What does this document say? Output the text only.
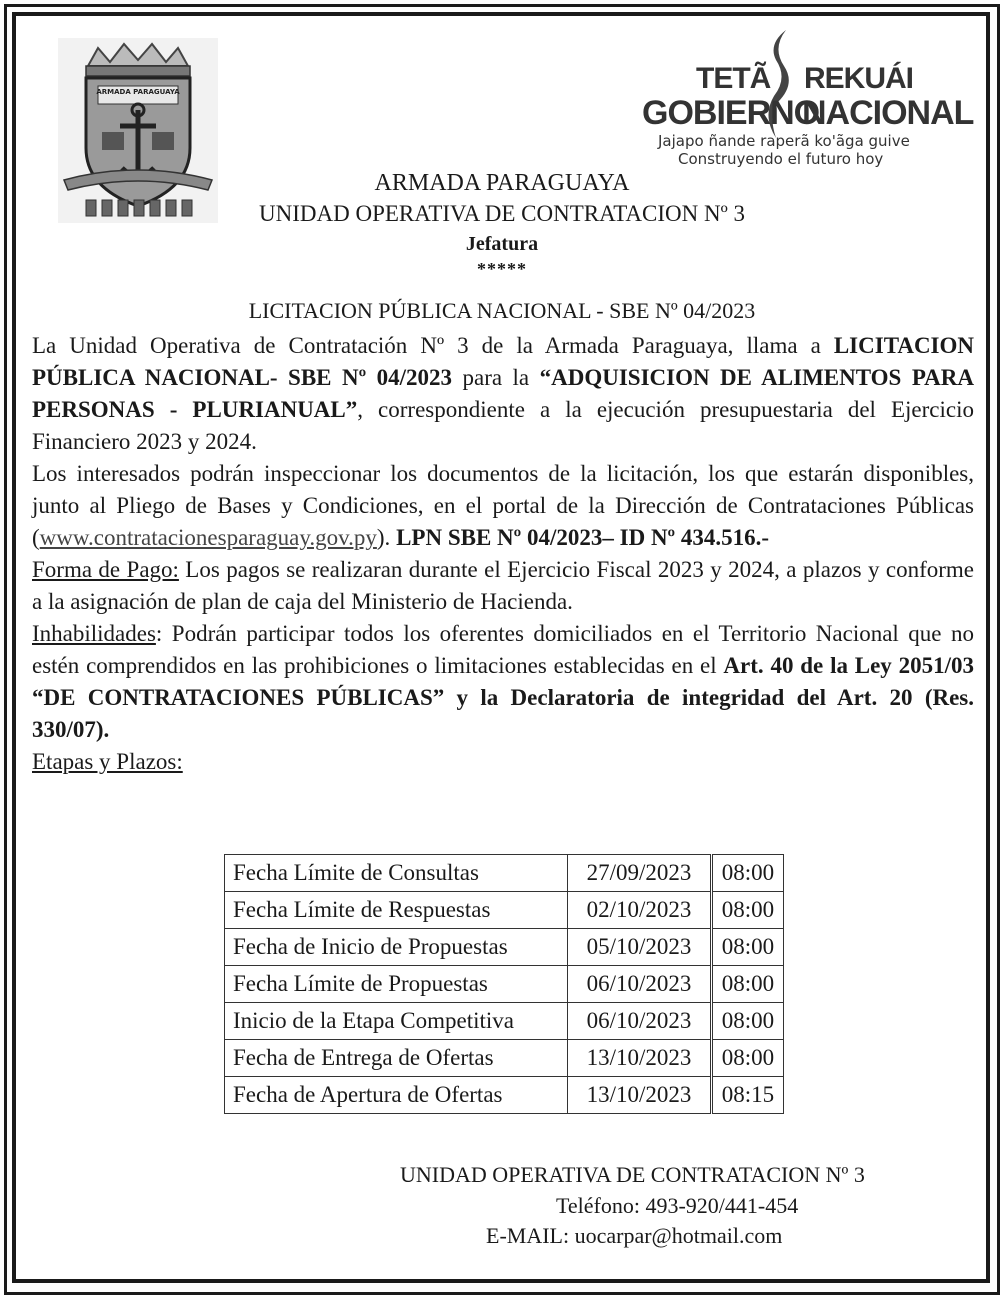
ARMADA PARAGUAYA	TETÃ REKUÁI
GOBIERNO
NACIONAL
Jajapo ñande raperã ko'ãga guive
Construyendo el futuro hoy
ARMADA PARAGUAYA
UNIDAD OPERATIVA DE CONTRATACION Nº 3
Jefatura
*****
LICITACION PÚBLICA NACIONAL - SBE Nº 04/2023

La Unidad Operativa de Contratación Nº 3 de la Armada Paraguaya, llama a LICITACION PÚBLICA NACIONAL- SBE Nº 04/2023 para la “ADQUISICION DE ALIMENTOS PARA PERSONAS - PLURIANUAL”, correspondiente a la ejecución presupuestaria del Ejercicio Financiero 2023 y 2024.

Los interesados podrán inspeccionar los documentos de la licitación, los que estarán disponibles, junto al Pliego de Bases y Condiciones, en el portal de la Dirección de Contrataciones Públicas (www.contratacionesparaguay.gov.py). LPN SBE Nº 04/2023– ID Nº 434.516.-

Forma de Pago: Los pagos se realizaran durante el Ejercicio Fiscal 2023 y 2024, a plazos y conforme a la asignación de plan de caja del Ministerio de Hacienda.

Inhabilidades: Podrán participar todos los oferentes domiciliados en el Territorio Nacional que no estén comprendidos en las prohibiciones o limitaciones establecidas en el Art. 40 de la Ley 2051/03 “DE CONTRATACIONES PÚBLICAS” y la Declaratoria de integridad del Art. 20 (Res. 330/07).

Etapas y Plazos:

Fecha Límite de Consultas	27/09/2023	08:00
Fecha Límite de Respuestas	02/10/2023	08:00
Fecha de Inicio de Propuestas	05/10/2023	08:00
Fecha Límite de Propuestas	06/10/2023	08:00
Inicio de la Etapa Competitiva	06/10/2023	08:00
Fecha de Entrega de Ofertas	13/10/2023	08:00
Fecha de Apertura de Ofertas	13/10/2023	08:15
UNIDAD OPERATIVA DE CONTRATACION Nº 3
Teléfono: 493-920/441-454
E-MAIL: uocarpar@hotmail.com
